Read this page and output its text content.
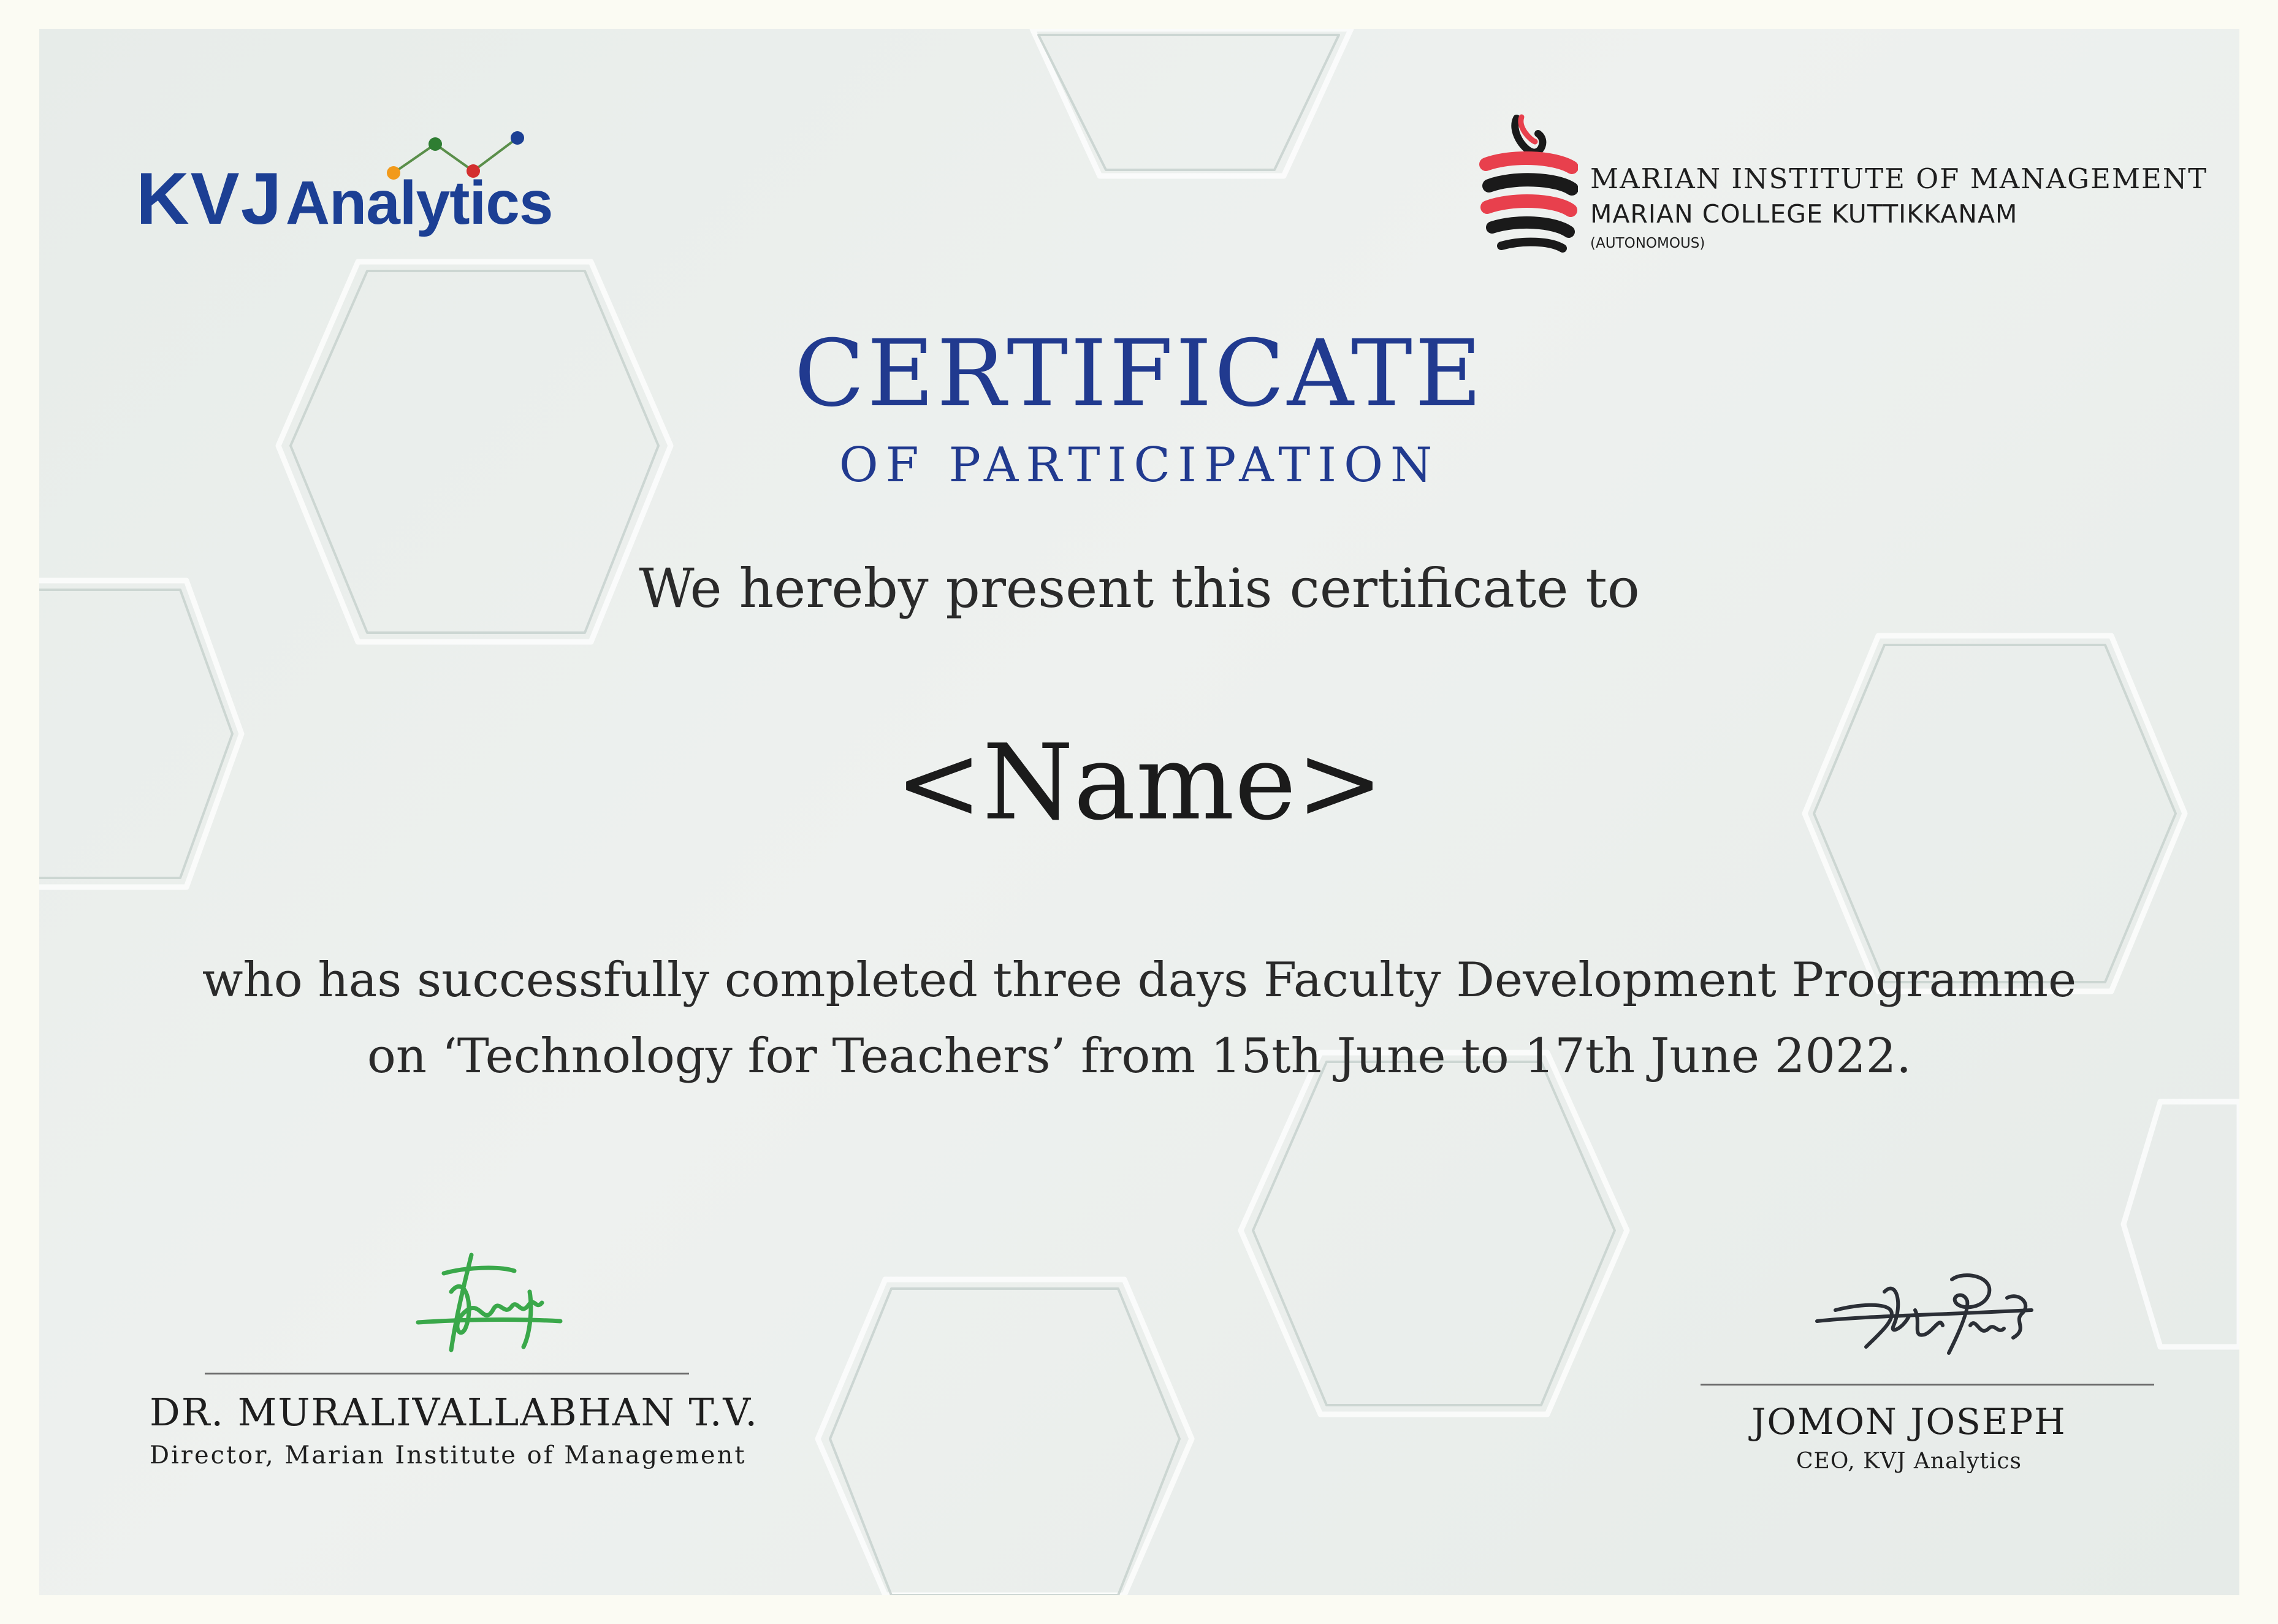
KVJ Analytics	MARIAN INSTITUTE OF MANAGEMENT
MARIAN COLLEGE KUTTIKKANAM
(AUTONOMOUS)
CERTIFICATE
OF PARTICIPATION
We hereby present this certificate to
<Name>
who has successfully completed three days Faculty Development Programme
on ‘Technology for Teachers’ from 15th June to 17th June 2022.
DR. MURALIVALLABHAN T.V.
Director, Marian Institute of Management
JOMON JOSEPH
CEO, KVJ Analytics
